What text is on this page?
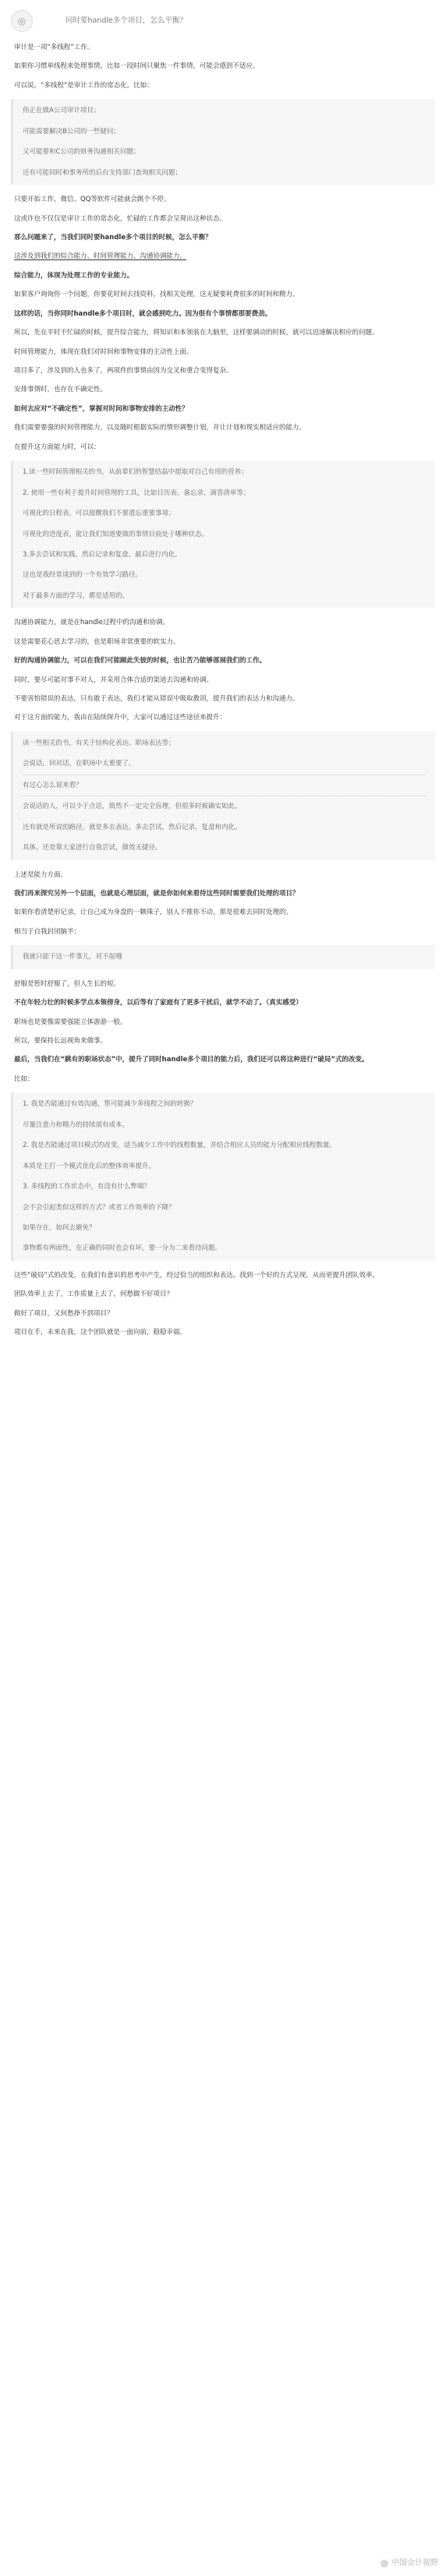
◎	同时要handle多个项目，怎么平衡？

审计是一项“多线程”工作。

如果你习惯单线程来处理事情，比如一段时间只聚焦一件事情，可能会感到不适应。

可以说，“多线程”是审计工作的常态化。比如：

你正在做A公司审计项目；

可能需要解决B公司的一些疑问；

又可能要和C公司的财务沟通相关问题；

还有可能同时和事务所的后台支持部门查询相关问题；

只要开始工作，微信、QQ等软件可能就会跳个不停。

这或许也不仅仅是审计工作的常态化，忙碌的工作都会呈现出这种状态。

那么问题来了，当我们同时要handle多个项目的时候，怎么平衡？

这涉及到我们的综合能力、时间管理能力、沟通协调能力。

综合能力，体现为处理工作的专业能力。

如果客户询询你一个问题，你要花时间去找资料，找相关处理，这无疑要耗费很多的时间和精力。

这样的话，当你同时handle多个项目时，就会感到吃力。因为很有个事情都那要费劲。

所以，先在平时不忙碌的时候，提升综合能力，将知识和本领装在大脑里，这样要调动的时候，就可以迅速解决相应的问题。

时间管理能力，体现在我们对时间和事物安排的主动性上面。

项目多了，涉及到的人也多了，两项件的事情由因为交叉和重合变得复杂。

安排事情时，也存在不确定性。

如何去应对“不确定性”，掌握对时间和事物安排的主动性？

我们需要要强的时间管理能力，以及随时根据实际的情形调整计划，并让计划和现实相适应的能力。

在提升这方面能力时，可以：

1.读一些时间管理相关的书，从前辈们的智慧结晶中提取对自己有用的营养；

2. 使用一些有利于提升时间管理的工具，比如日历表、备忘录、滴答清单等；

可视化的日程表，可以提醒我们不要遗忘重要事项；

可视化的进度表，能让我们知道要做的事情目前处于哪种状态。

3.多去尝试和实践，然后记录和复盘，最后进行内化。

这也是我经常谈到的一个有效学习路径。

对于最多方面的学习，都是适用的。

沟通协调能力，就是在handle过程中的沟通和协调。

这是需要花心思去学习的，也是职场非常重要的软实力。

好的沟通协调能力，可以在我们可能顾此失彼的时候，也让苦乃能够部展我们的工作。

同时，要尽可能对事不对人，并采用合体合适的渠道去沟通和协调。

不要害怕错误的表达，只有敢于表达，我们才能从错误中吸取教训，提升我们的表达力和沟通力。

对于这方面的能力，我由在陆续探升中，大家可以通过这些途径来提升：

读一些相关的书，有关于结构化表达、职场表达等；

会说话，回对话，在职场中太重要了。

有过心怎么说来看？

会说话的人，可以少于点话，简然不一定完全盲理，但很多时候确实如此。

还有就是所说的路径，就是多去表达，多去尝试，然后记录，复盘和内化。

具体，还是靠大家进行自我尝试，做效无捷径。

上述是能力方面。

我们再来探究另外一个层面，也就是心理层面，就是你如何来看待这些同时需要我们处理的项目？

如果你看清楚形记录，让自己成为身盘的一颗珠子，别人不推你不动，那是很难去同时处理的。

相当于自我封闭脑半：

我就只能干这一件事儿，对不起哦

舒服是暂时舒服了，但人生长的短。

不在年轻力壮的时候多学点本领傍身，以后等有了家庭有了更多干扰后，就学不动了。（真实感受）

职场也是要像需要强能立体游游一般。

所以，要保持长远视角来做事。

最后，当我们在“跳有的职场状态”中，提升了同时handle多个项目的能力后，我们还可以将这种进行“破局”式的改变。

比如：

1. 我是否能通过有效沟通，帮可能减少多线程之间的转换？

尽量注意力和精力的持续部有成本。

2. 我是否能通过项目模式的改变，适当减少工作中的线程数量，并结合相应人员的能力分配相应线程数量。

本质是主打一个模式优化后的整体效率提升。

3. 多线程的工作状态中，有没有什么弊端？

会不会引起类似这样的方式？或者工作效率的下降？

如果存在，如何去避免？

事物都有两面性，在正确的同时也会有坏，要一分为二来看待问题。

这些“破局”式的改变，在我们有意识的思考中产生，经过恰当的组织和表达，找到一个好的方式呈现，从而更提升团队效率。

团队效率上去了，工作质量上去了，何愁做不好项目？

做好了项目，又何愁挣不到项目？

项目在手，未来在我，这个团队就是一面向前，稳稳幸福。

中国会计视野
